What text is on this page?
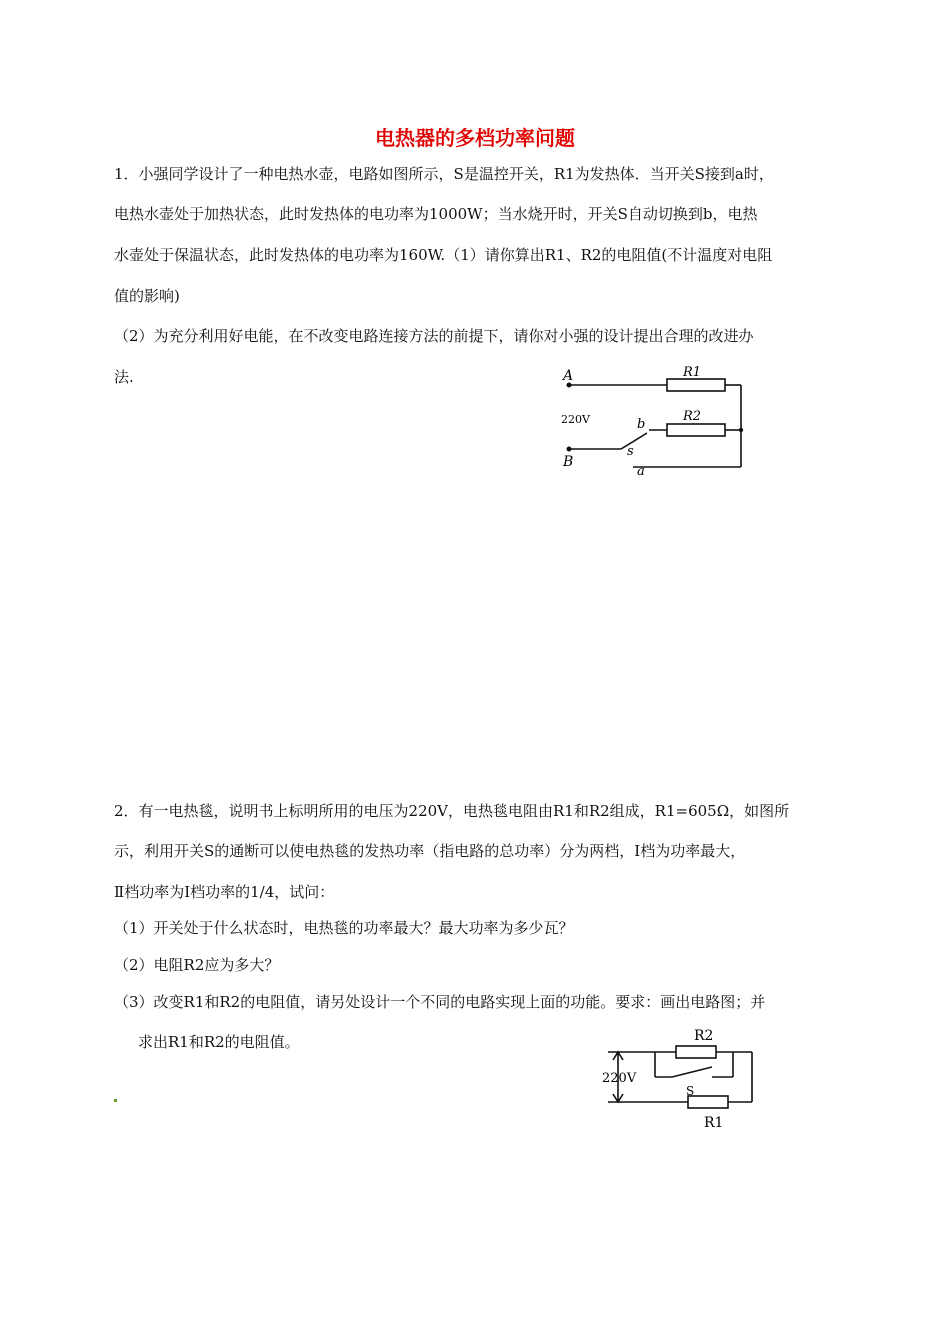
电热器的多档功率问题
1．小强同学设计了一种电热水壶，电路如图所示，S是温控开关，R1为发热体．当开关S接到a时，
电热水壶处于加热状态，此时发热体的电功率为1000W；当水烧开时，开关S自动切换到b，电热
水壶处于保温状态，此时发热体的电功率为160W.（1）请你算出R1、R2的电阻值(不计温度对电阻
值的影响)
（2）为充分利用好电能，在不改变电路连接方法的前提下，请你对小强的设计提出合理的改进办
法.	A
B
220V
R1
R2
b
s
a
2．有一电热毯，说明书上标明所用的电压为220V，电热毯电阻由R1和R2组成，R1=605Ω，如图所
示，利用开关S的通断可以使电热毯的发热功率（指电路的总功率）分为两档，Ⅰ档为功率最大，
Ⅱ档功率为Ⅰ档功率的1/4，试问：
（1）开关处于什么状态时，电热毯的功率最大？最大功率为多少瓦？
（2）电阻R2应为多大？
（3）改变R1和R2的电阻值，请另处设计一个不同的电路实现上面的功能。要求：画出电路图；并
求出R1和R2的电阻值。	R2
S
R1
220V
